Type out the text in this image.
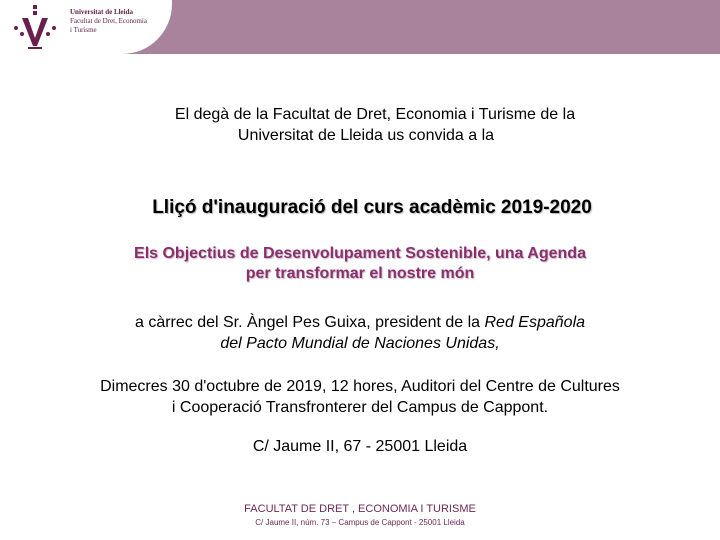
Universitat de Lleida
Facultat de Dret, Economia
i Turisme
El degà de la Facultat de Dret, Economia i Turisme de la
Universitat de Lleida us convida a la
Lliçó d'inauguració del curs acadèmic 2019-2020
Els Objectius de Desenvolupament Sostenible, una Agenda
per transformar el nostre món
a càrrec del Sr. Àngel Pes Guixa, president de la Red Española
del Pacto Mundial de Naciones Unidas,
Dimecres 30 d'octubre de 2019, 12 hores, Auditori del Centre de Cultures
i Cooperació Transfronterer del Campus de Cappont.
C/ Jaume II, 67 - 25001 Lleida
FACULTAT DE DRET , ECONOMIA I TURISME
C/ Jaume II, núm. 73 – Campus de Cappont - 25001 Lleida
